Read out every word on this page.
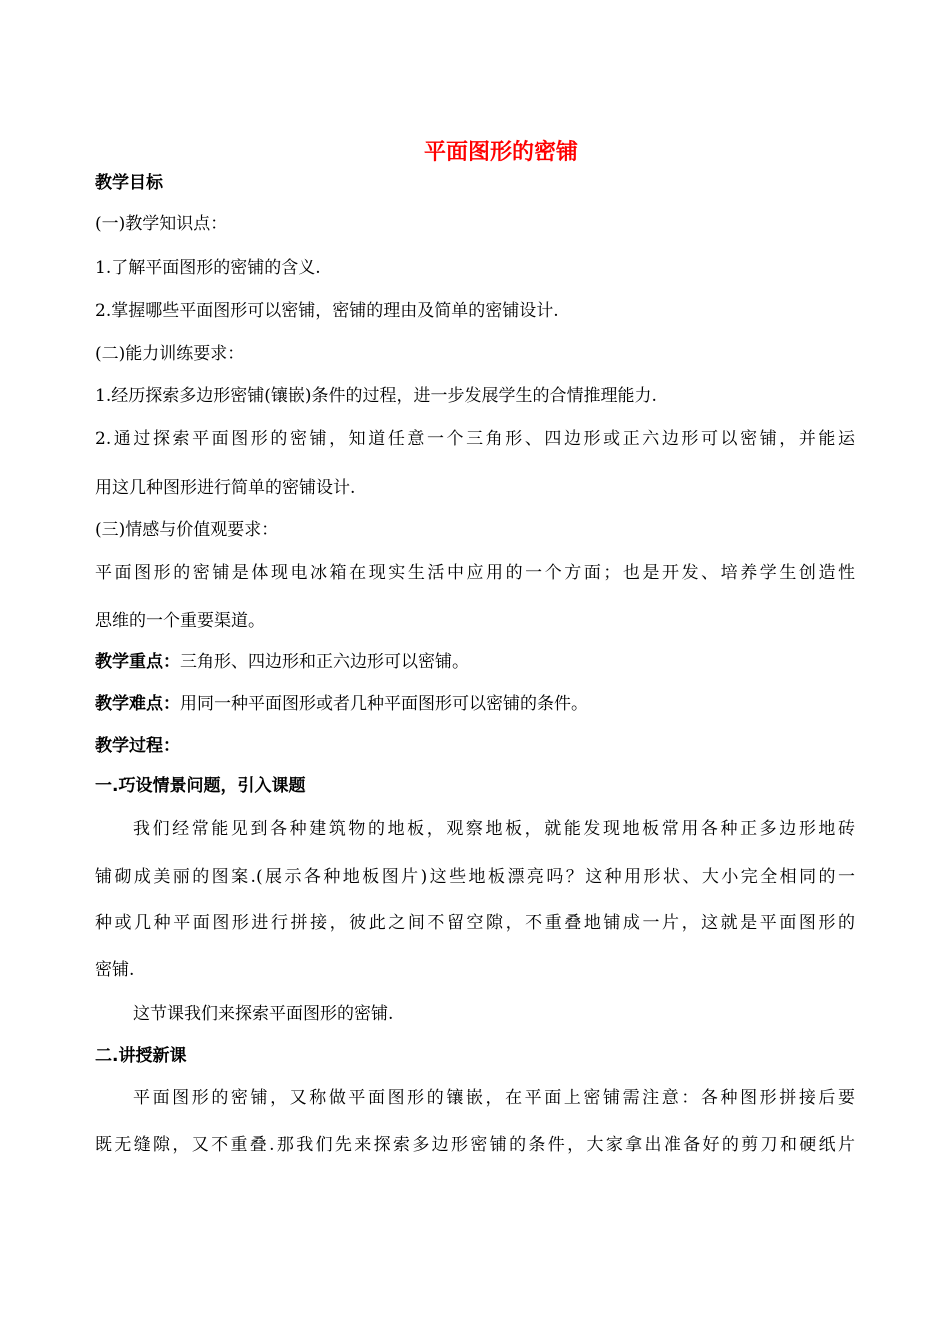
平面图形的密铺
教学目标
(一)教学知识点：
1.了解平面图形的密铺的含义.
2.掌握哪些平面图形可以密铺，密铺的理由及简单的密铺设计.
(二)能力训练要求：
1.经历探索多边形密铺(镶嵌)条件的过程，进一步发展学生的合情推理能力.
2.通过探索平面图形的密铺，知道任意一个三角形、四边形或正六边形可以密铺，并能运
用这几种图形进行简单的密铺设计.
(三)情感与价值观要求：
平面图形的密铺是体现电冰箱在现实生活中应用的一个方面；也是开发、培养学生创造性
思维的一个重要渠道。
教学重点：三角形、四边形和正六边形可以密铺。
教学难点：用同一种平面图形或者几种平面图形可以密铺的条件。
教学过程：
一.巧设情景问题，引入课题
我们经常能见到各种建筑物的地板，观察地板，就能发现地板常用各种正多边形地砖
铺砌成美丽的图案.(展示各种地板图片)这些地板漂亮吗？这种用形状、大小完全相同的一
种或几种平面图形进行拼接，彼此之间不留空隙，不重叠地铺成一片，这就是平面图形的
密铺.
这节课我们来探索平面图形的密铺.
二.讲授新课
平面图形的密铺，又称做平面图形的镶嵌，在平面上密铺需注意：各种图形拼接后要
既无缝隙，又不重叠.那我们先来探索多边形密铺的条件，大家拿出准备好的剪刀和硬纸片
